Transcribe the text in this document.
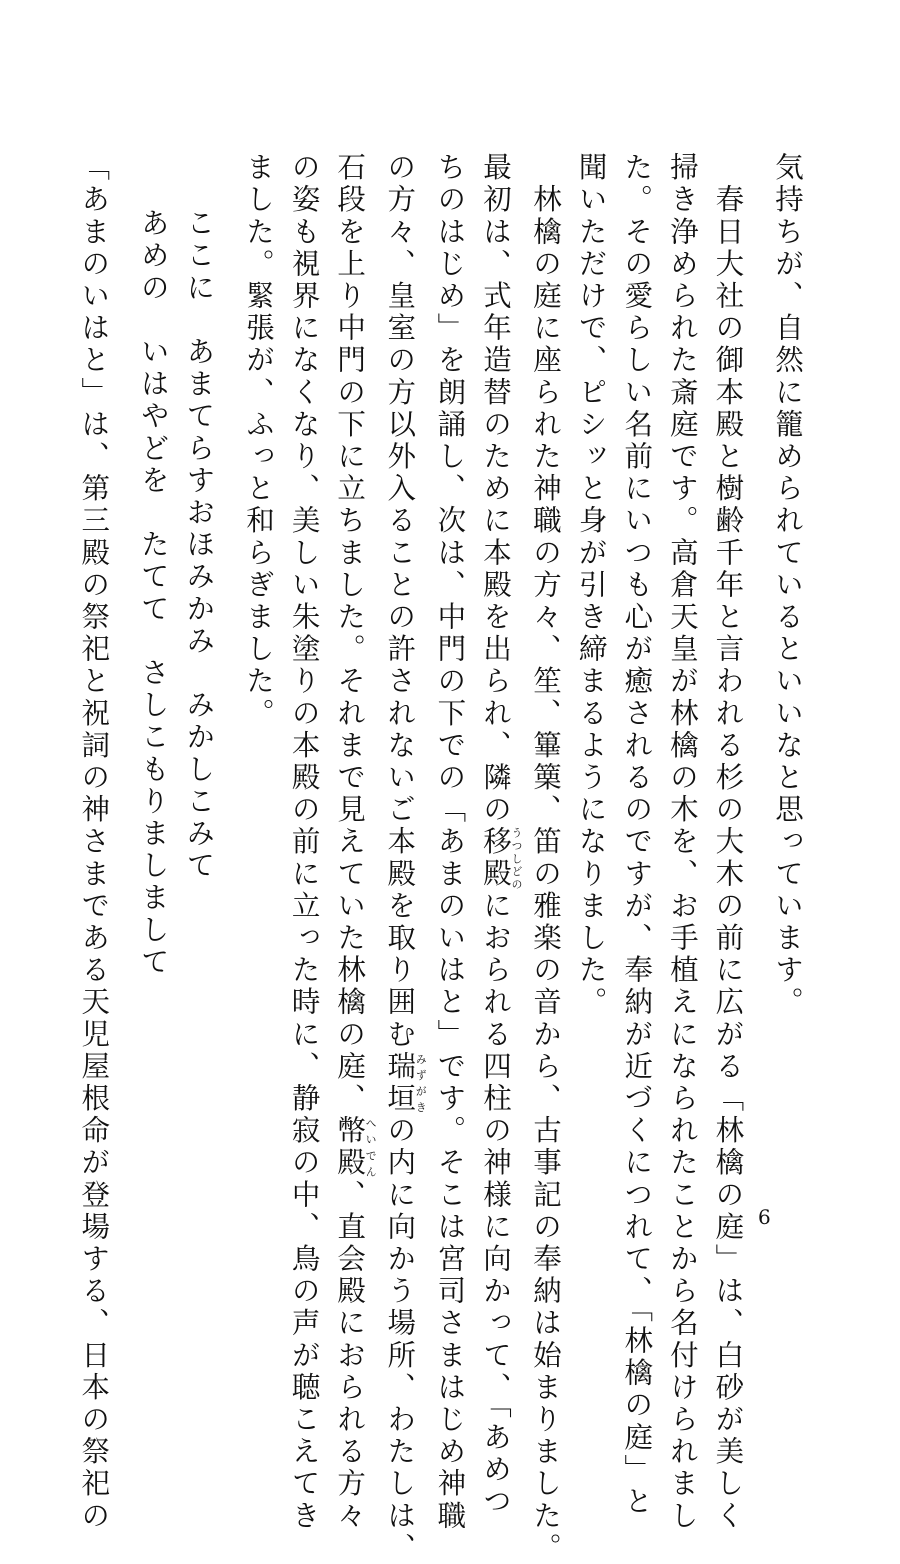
気持ちが、自然に籠められているといいなと思っています。
　春日大社の御本殿と樹齢千年と言われる杉の大木の前に広がる「林檎の庭」は、白砂が美しく
掃き浄められた斎庭です。高倉天皇が林檎の木を、お手植えになられたことから名付けられまし
た。その愛らしい名前にいつも心が癒されるのですが、奉納が近づくにつれて、「林檎の庭」と
聞いただけで、ピシッと身が引き締まるようになりました。
　林檎の庭に座られた神職の方々、笙、篳篥、笛の雅楽の音から、古事記の奉納は始まりました。
最初は、式年造替のために本殿を出られ、隣の移殿うつしどのにおられる四柱の神様に向かって、「あめつ
ちのはじめ」を朗誦し、次は、中門の下での「あまのいはと」です。そこは宮司さまはじめ神職
の方々、皇室の方以外入ることの許されないご本殿を取り囲む瑞垣みずがきの内に向かう場所、わたしは、
石段を上り中門の下に立ちました。それまで見えていた林檎の庭、幣殿へいでん、直会殿におられる方々
の姿も視界になくなり、美しい朱塗りの本殿の前に立った時に、静寂の中、鳥の声が聴こえてき
ました。緊張が、ふっと和らぎました。
ここに　あまてらすおほみかみ　みかしこみて
あめの　いはやどを　たてて　さしこもりましまして
「あまのいはと」は、第三殿の祭祀と祝詞の神さまである天児屋根命が登場する、日本の祭祀の	6
